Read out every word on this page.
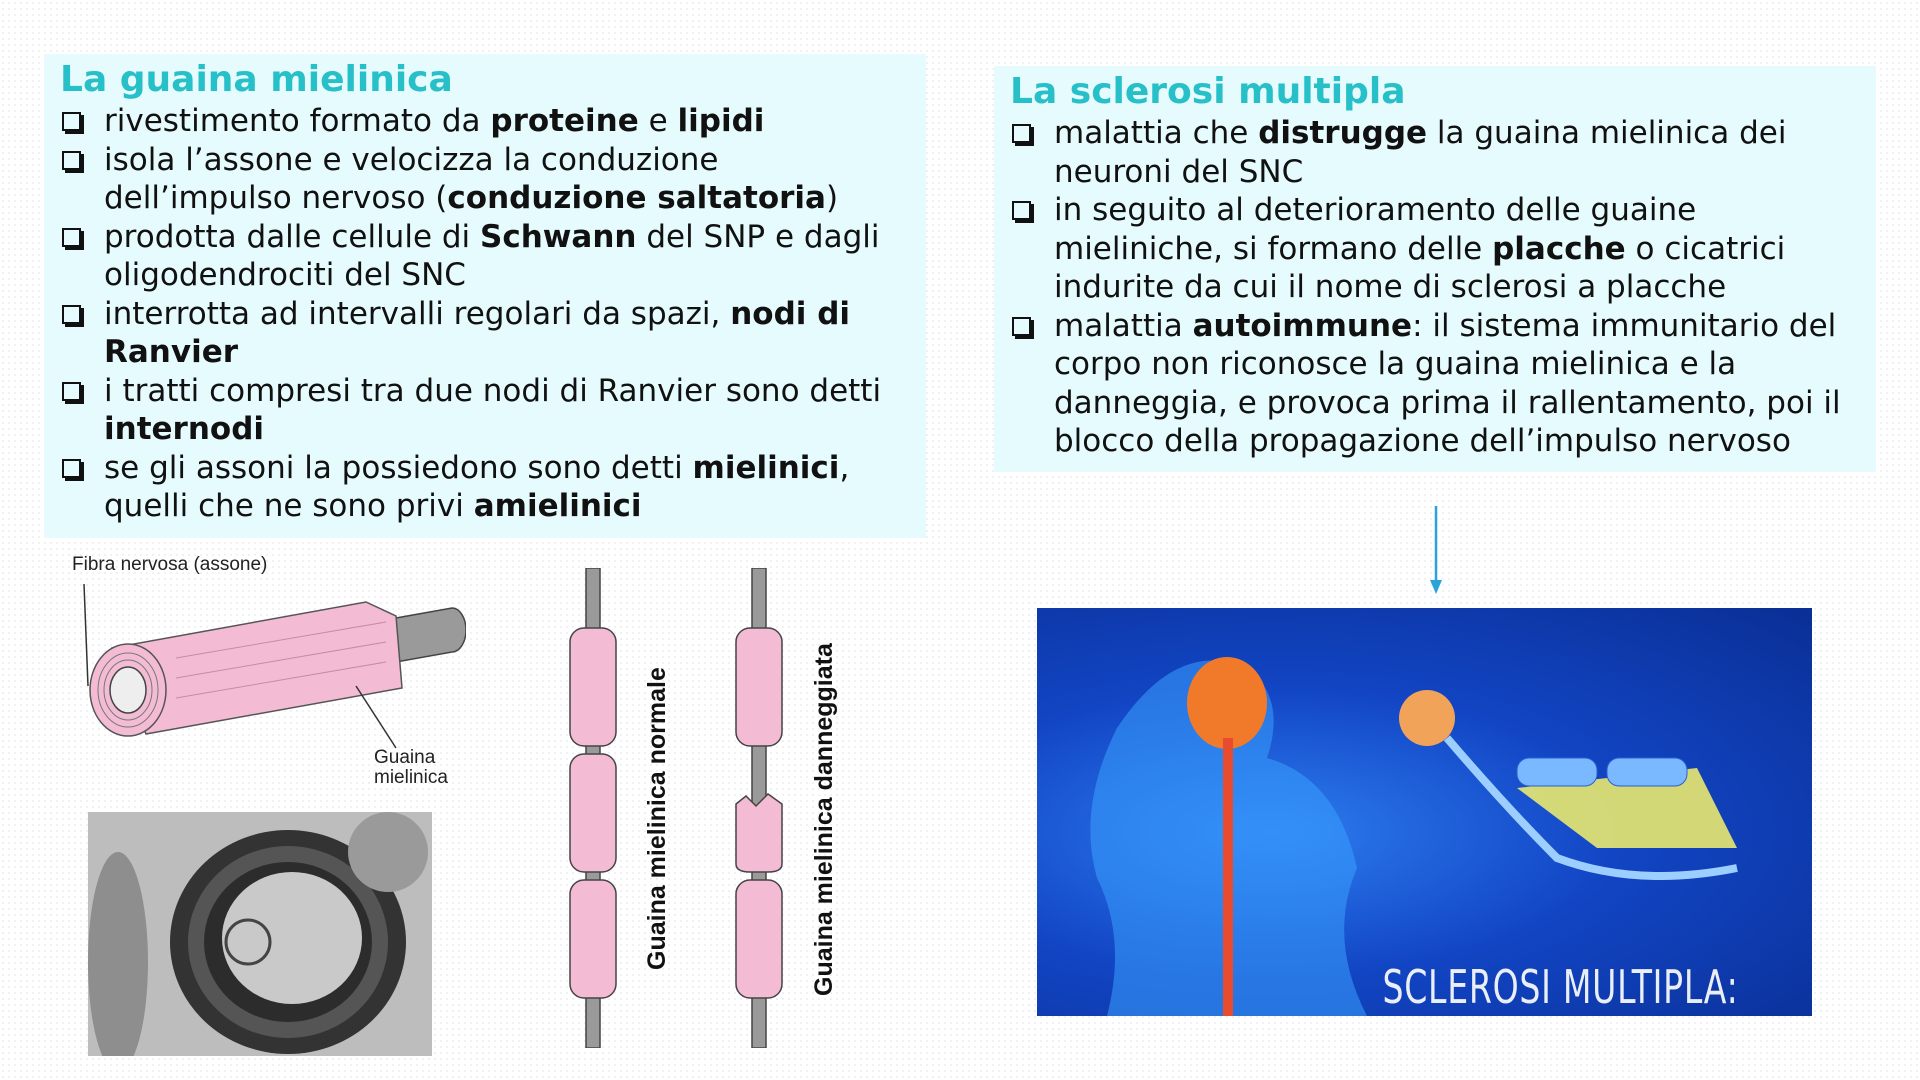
La guaina mielinica
rivestimento formato da proteine e lipidi
isola l’assone e velocizza la conduzione dell’impulso nervoso (conduzione saltatoria)
prodotta dalle cellule di Schwann del SNP e dagli oligodendrociti del SNC
interrotta ad intervalli regolari da spazi, nodi di Ranvier
i tratti compresi tra due nodi di Ranvier sono detti internodi
se gli assoni la possiedono sono detti mielinici, quelli che ne sono privi amielinici
La sclerosi multipla
malattia che distrugge la guaina mielinica dei neuroni del SNC
in seguito al deterioramento delle guaine mieliniche, si formano delle placche o cicatrici indurite da cui il nome di sclerosi a placche
malattia autoimmune: il sistema immunitario del corpo non riconosce la guaina mielinica e la danneggia, e provoca prima il rallentamento, poi il blocco della propagazione dell’impulso nervoso
Fibra nervosa (assone)
Guaina
mielinica	Guaina mielinica normale	Guaina mielinica danneggiata	SCLEROSI MULTIPLA:
